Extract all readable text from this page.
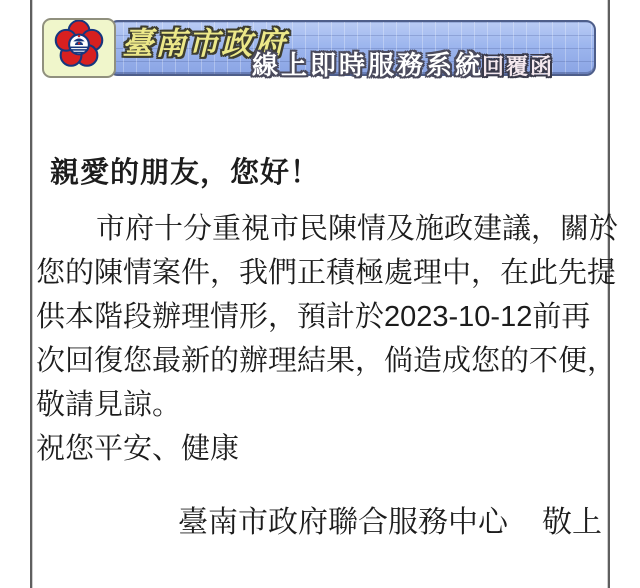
臺南市政府
線上即時服務系統
回覆函
親愛的朋友，您好！
市府十分重視市民陳情及施政建議，關於
您的陳情案件，我們正積極處理中，在此先提
供本階段辦理情形，預計於2023-10-12前再
次回復您最新的辦理結果，倘造成您的不便，
敬請見諒。
祝您平安、健康
臺南市政府聯合服務中心 敬上
